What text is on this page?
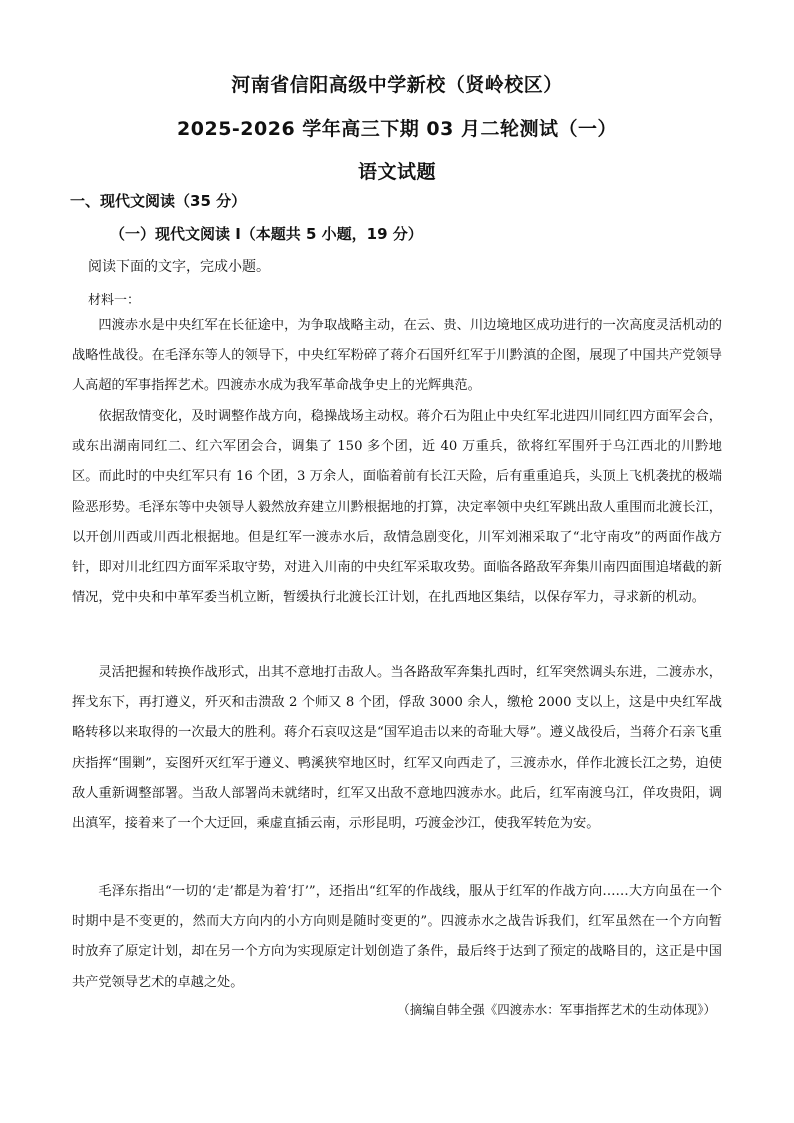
河南省信阳高级中学新校（贤岭校区）
2025-2026 学年高三下期 03 月二轮测试（一）
语文试题
一、现代文阅读（35 分）
（一）现代文阅读 I（本题共 5 小题，19 分）
阅读下面的文字，完成小题。
材料一：

四渡赤水是中央红军在长征途中，为争取战略主动，在云、贵、川边境地区成功进行的一次高度灵活机动的战略性战役。在毛泽东等人的领导下，中央红军粉碎了蒋介石国歼红军于川黔滇的企图，展现了中国共产党领导人高超的军事指挥艺术。四渡赤水成为我军革命战争史上的光辉典范。

依据敌情变化，及时调整作战方向，稳操战场主动权。蒋介石为阻止中央红军北进四川同红四方面军会合，或东出湖南同红二、红六军团会合，调集了 150 多个团，近 40 万重兵，欲将红军围歼于乌江西北的川黔地区。而此时的中央红军只有 16 个团，3 万余人，面临着前有长江天险，后有重重追兵，头顶上飞机袭扰的极端险恶形势。毛泽东等中央领导人毅然放弃建立川黔根据地的打算，决定率领中央红军跳出敌人重围而北渡长江，以开创川西或川西北根据地。但是红军一渡赤水后，敌情急剧变化，川军刘湘采取了“北守南攻”的两面作战方针，即对川北红四方面军采取守势，对进入川南的中央红军采取攻势。面临各路敌军奔集川南四面围追堵截的新情况，党中央和中革军委当机立断，暂缓执行北渡长江计划，在扎西地区集结，以保存军力，寻求新的机动。

灵活把握和转换作战形式，出其不意地打击敌人。当各路敌军奔集扎西时，红军突然调头东进，二渡赤水，挥戈东下，再打遵义，歼灭和击溃敌 2 个师又 8 个团，俘敌 3000 余人，缴枪 2000 支以上，这是中央红军战略转移以来取得的一次最大的胜利。蒋介石哀叹这是“国军追击以来的奇耻大辱”。遵义战役后，当蒋介石亲飞重庆指挥“围剿”，妄图歼灭红军于遵义、鸭溪狭窄地区时，红军又向西走了，三渡赤水，佯作北渡长江之势，迫使敌人重新调整部署。当敌人部署尚未就绪时，红军又出敌不意地四渡赤水。此后，红军南渡乌江，佯攻贵阳，调出滇军，接着来了一个大迂回，乘虚直插云南，示形昆明，巧渡金沙江，使我军转危为安。

毛泽东指出“一切的‘走’都是为着‘打’”，还指出“红军的作战线，服从于红军的作战方向……大方向虽在一个时期中是不变更的，然而大方向内的小方向则是随时变更的”。四渡赤水之战告诉我们，红军虽然在一个方向暂时放弃了原定计划，却在另一个方向为实现原定计划创造了条件，最后终于达到了预定的战略目的，这正是中国共产党领导艺术的卓越之处。

（摘编自韩全强《四渡赤水：军事指挥艺术的生动体现》）
